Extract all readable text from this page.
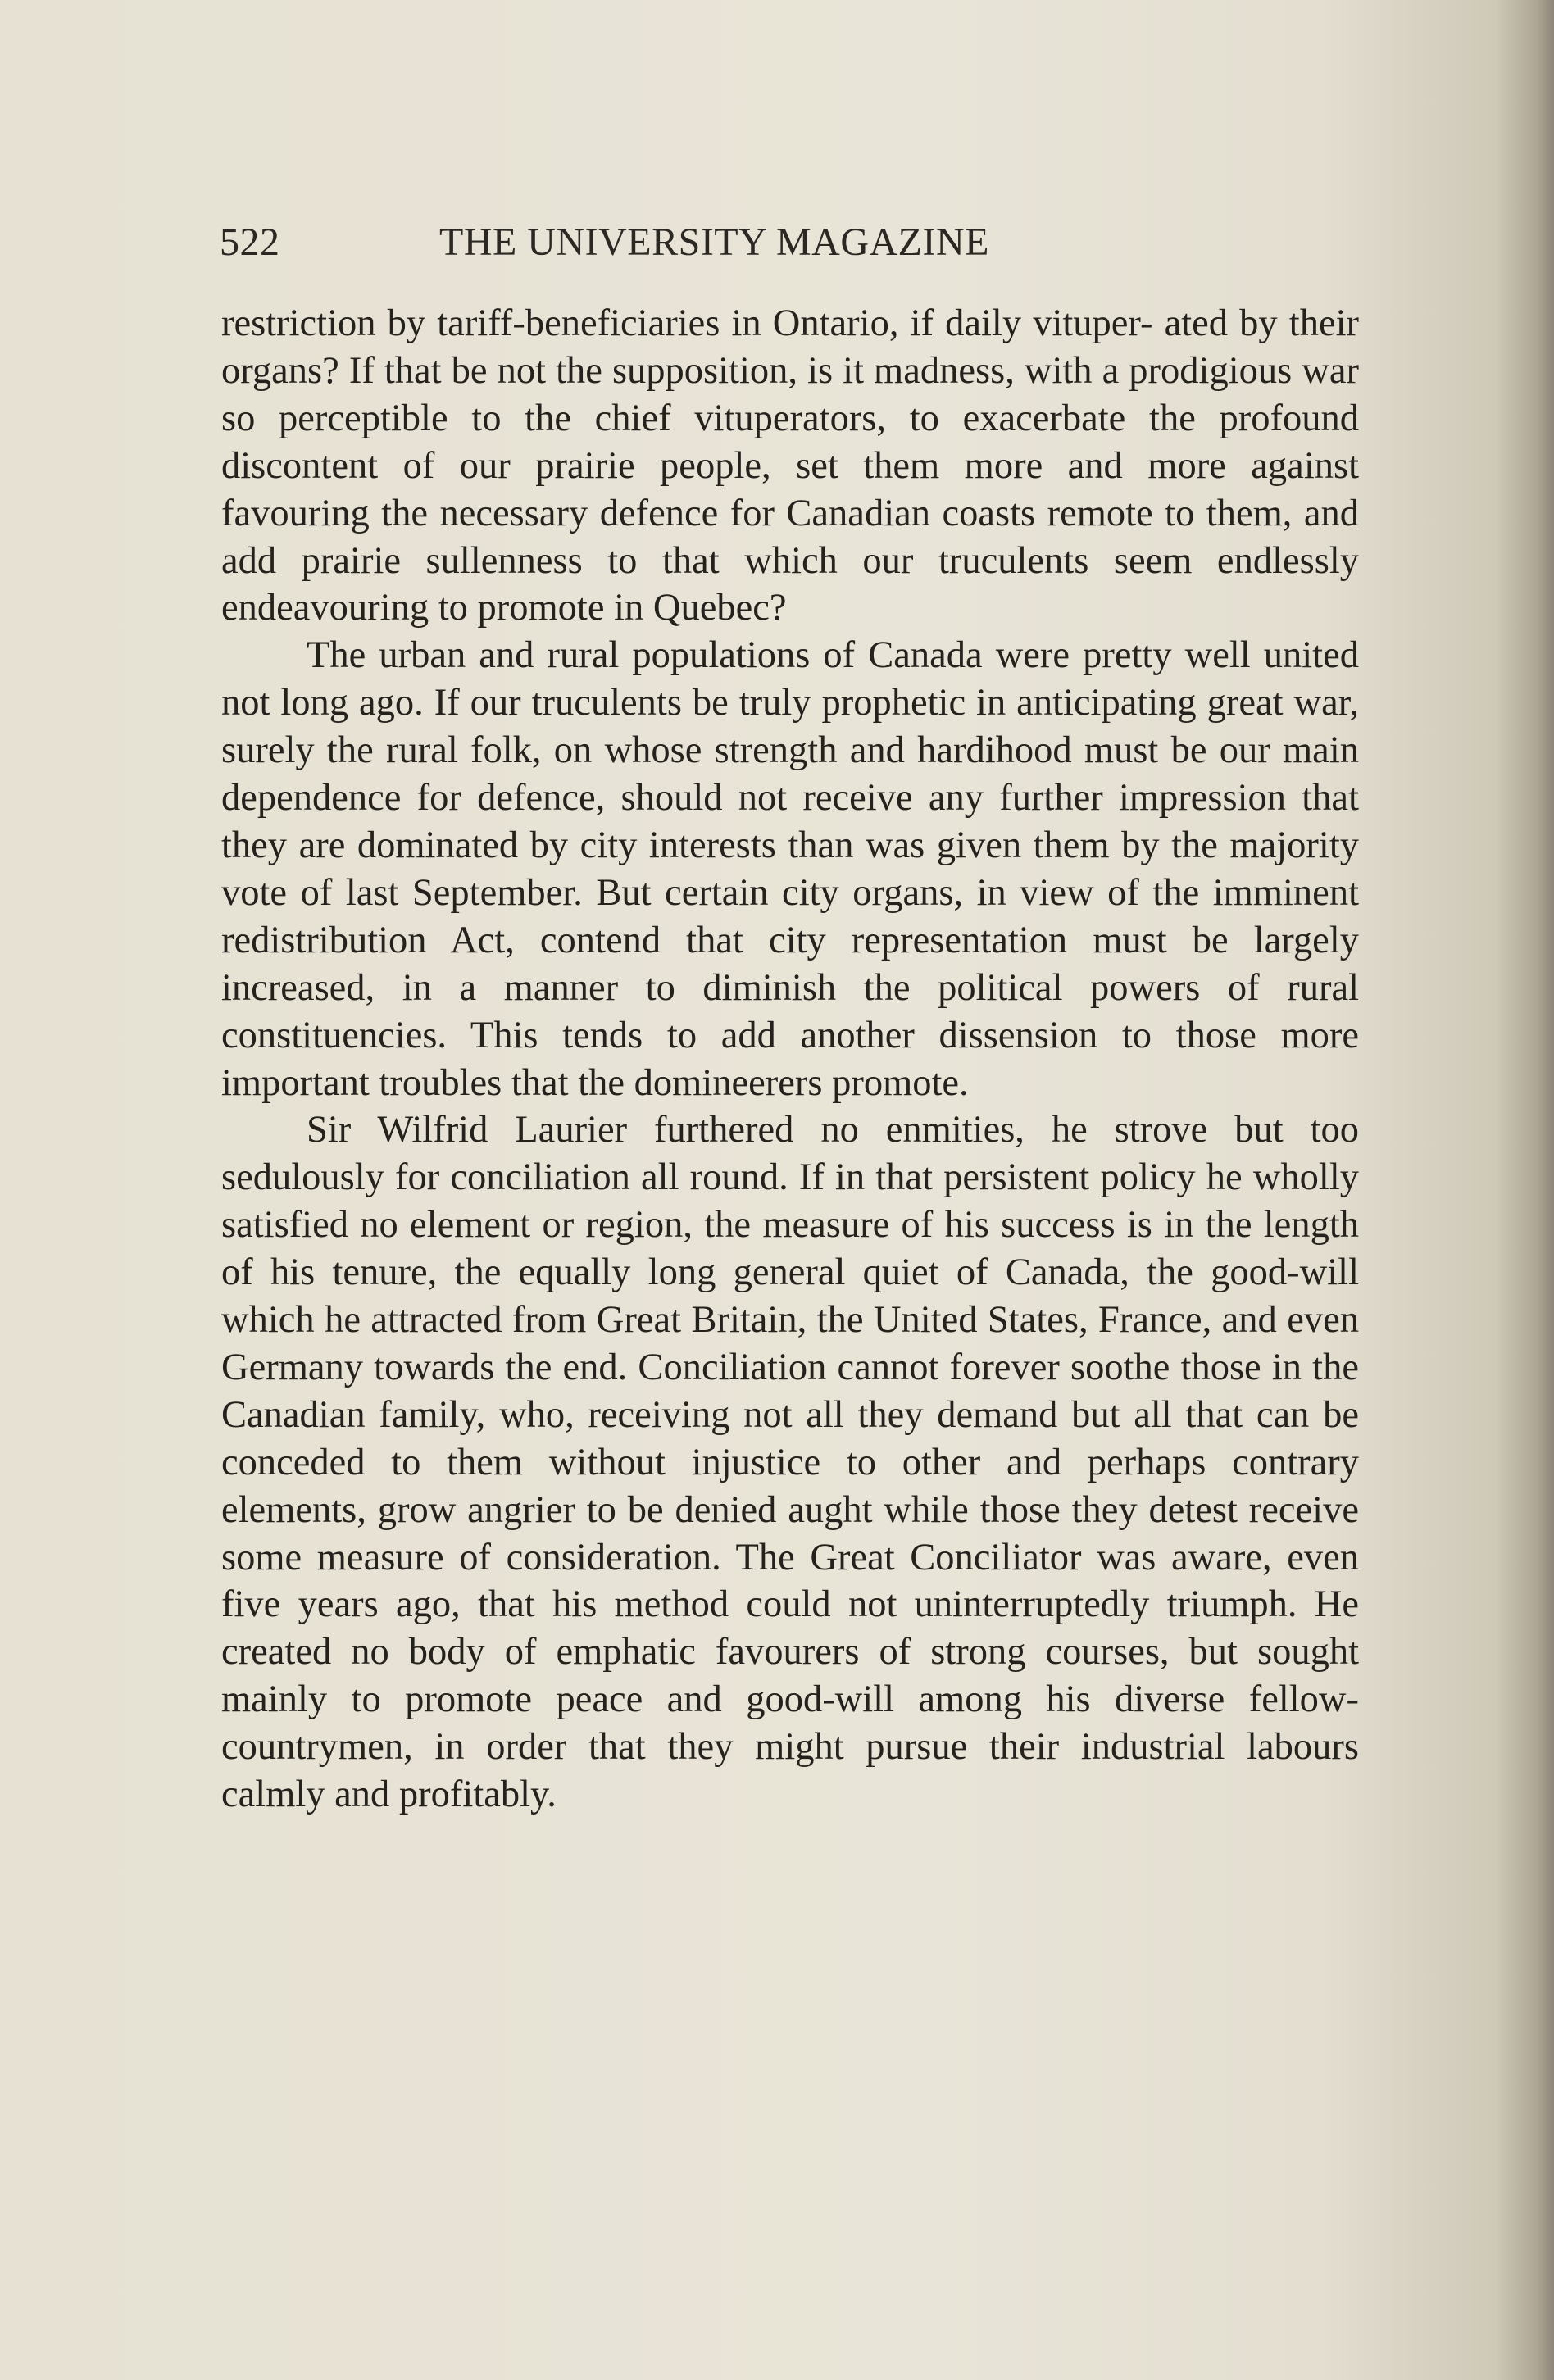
522	THE UNIVERSITY MAGAZINE

restriction by tariff-beneficiaries in Ontario, if daily vituper- ated by their organs? If that be not the supposition, is it madness, with a prodigious war so perceptible to the chief vituperators, to exacerbate the profound discontent of our prairie people, set them more and more against favouring the necessary defence for Canadian coasts remote to them, and add prairie sullenness to that which our truculents seem endlessly endeavouring to promote in Quebec?

The urban and rural populations of Canada were pretty well united not long ago. If our truculents be truly prophetic in anticipating great war, surely the rural folk, on whose strength and hardihood must be our main dependence for defence, should not receive any further impression that they are dominated by city interests than was given them by the majority vote of last September. But certain city organs, in view of the imminent redistribution Act, contend that city representation must be largely increased, in a manner to diminish the political powers of rural constituencies. This tends to add another dissension to those more important troubles that the domineerers promote.

Sir Wilfrid Laurier furthered no enmities, he strove but too sedulously for conciliation all round. If in that persistent policy he wholly satisfied no element or region, the measure of his success is in the length of his tenure, the equally long general quiet of Canada, the good-will which he attracted from Great Britain, the United States, France, and even Germany towards the end. Conciliation cannot forever soothe those in the Canadian family, who, receiving not all they demand but all that can be conceded to them without injustice to other and perhaps contrary elements, grow angrier to be denied aught while those they detest receive some measure of consideration. The Great Conciliator was aware, even five years ago, that his method could not uninterruptedly triumph. He created no body of emphatic favourers of strong courses, but sought mainly to promote peace and good-will among his diverse fellow-countrymen, in order that they might pursue their industrial labours calmly and profitably.
